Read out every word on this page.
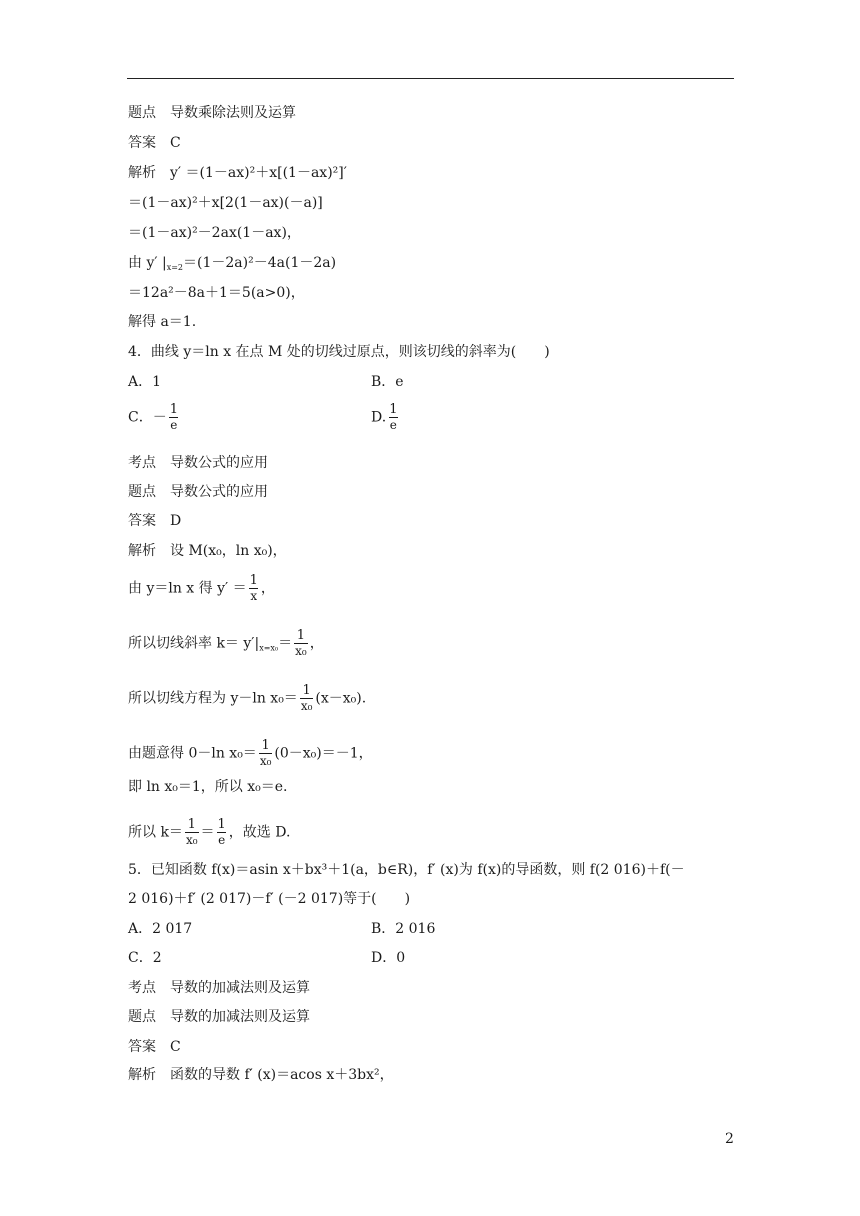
题点 导数乘除法则及运算
答案 C
解析 y′ ＝(1－ax)²＋x[(1－ax)²]′
＝(1－ax)²＋x[2(1－ax)(－a)]
＝(1－ax)²－2ax(1－ax)，
由 y′ $|_{x=2}=(1-2a)^2-4a(1-2a)$
＝12a²－8a＋1＝5(a>0)，
解得 a＝1.
4．曲线 y＝ln x 在点 M 处的切线过原点，则该切线的斜率为(　　)
A．1	B．e
C．－ $\frac{1}{e}$	D. $\frac{1}{e}$
考点 导数公式的应用
题点 导数公式的应用
答案 D
解析 设 M(x₀，ln x₀)，
由 y＝ln x 得 $y' = \frac{1}{x}$ ，
所以切线斜率 $k= y'|_{x=x_0}= \frac{1}{\text{x₀}}$ ，
所以切线方程为 y－ln $x_0= \frac{1}{\text{x₀}} (x-x_0)$.
由题意得 0－ln $x_0= \frac{1}{\text{x₀}} (0-x_0)=-1$，
即 ln x₀＝1，所以 x₀＝e.
所以 $k= \frac{1}{\text{x₀}} = \frac{1}{e}$ ，故选 D.
5．已知函数 f(x)＝asin x＋bx³＋1(a，b∈R)，f′ (x)为 f(x)的导函数，则 f(2 016)＋f(－
2 016)＋f′ (2 017)－f′ (－2 017)等于(　　)
A．2 017	B．2 016
C．2	D．0
考点 导数的加减法则及运算
题点 导数的加减法则及运算
答案 C
解析 函数的导数 f′ (x)＝acos x＋3bx²，
2
